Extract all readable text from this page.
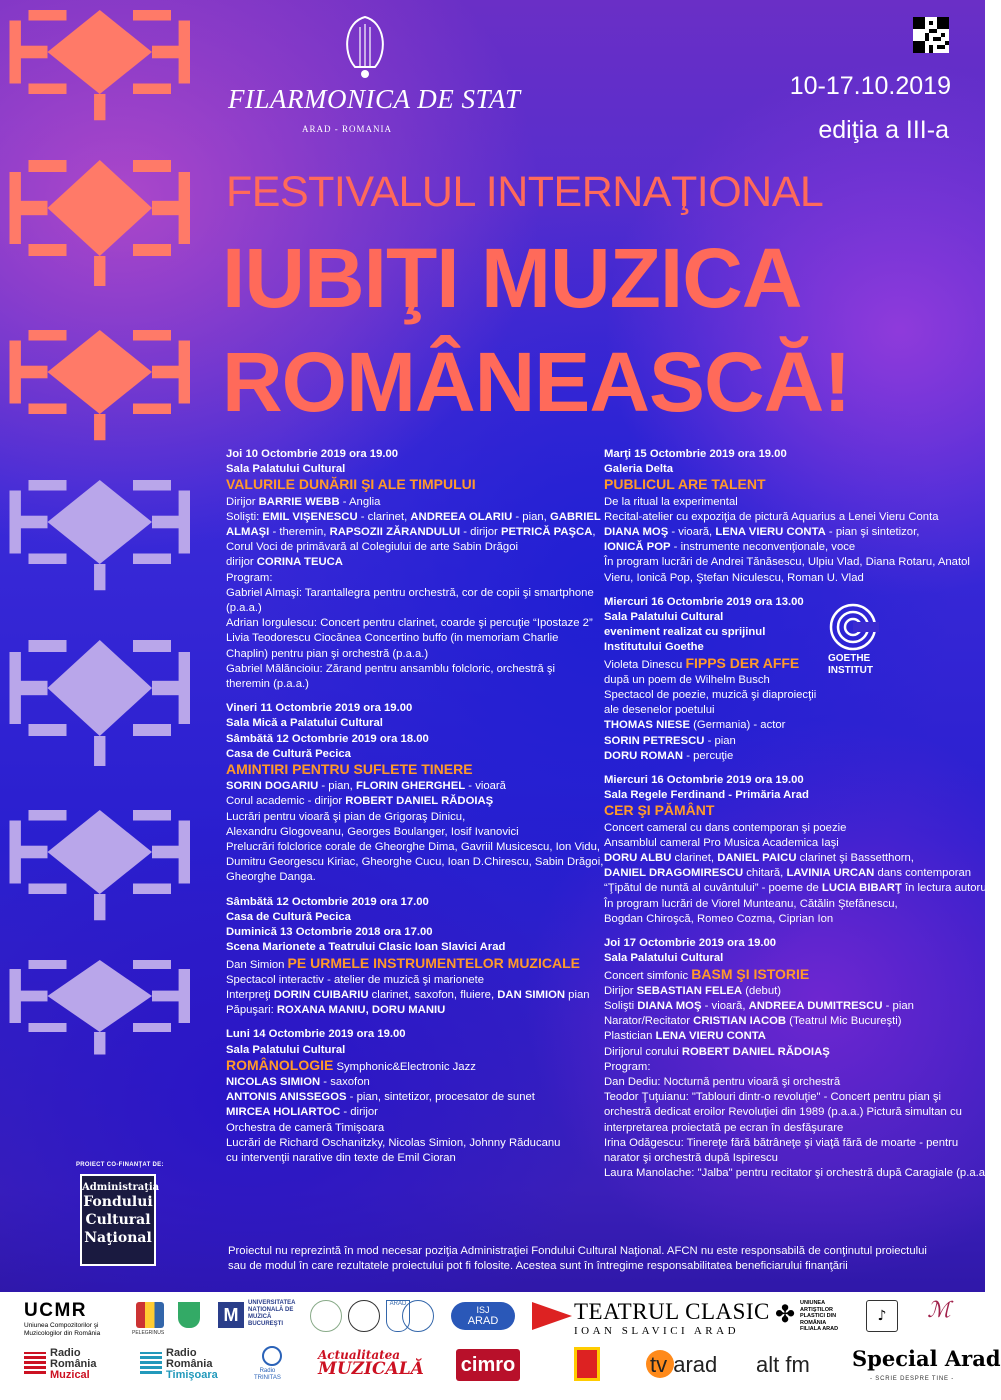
FILARMONICA DE STAT
ARAD - ROMANIA
10-17.10.2019
ediţia a III-a
FESTIVALUL INTERNAŢIONAL
IUBIŢI MUZICA
ROMÂNEASCĂ!
Joi 10 Octombrie 2019 ora 19.00
Sala Palatului Cultural
VALURILE DUNĂRII ŞI ALE TIMPULUI
Dirijor BARRIE WEBB - Anglia
Solişti: EMIL VIŞENESCU - clarinet, ANDREEA OLARIU - pian, GABRIEL
ALMAŞI - theremin, RAPSOZII ZĂRANDULUI - dirijor PETRICĂ PAŞCA,
Corul Voci de primăvară al Colegiului de arte Sabin Drăgoi
dirijor CORINA TEUCA
Program:
Gabriel Almaşi: Tarantallegra pentru orchestră, cor de copii şi smartphone
(p.a.a.)
Adrian Iorgulescu: Concert pentru clarinet, coarde şi percuţie “Ipostaze 2”
Livia Teodorescu Ciocănea Concertino buffo (in memoriam Charlie
Chaplin) pentru pian şi orchestră (p.a.a.)
Gabriel Mălăncioiu: Zărand pentru ansamblu folcloric, orchestră şi
theremin (p.a.a.)
Vineri 11 Octombrie 2019 ora 19.00
Sala Mică a Palatului Cultural
Sâmbătă 12 Octombrie 2019 ora 18.00
Casa de Cultură Pecica
AMINTIRI PENTRU SUFLETE TINERE
SORIN DOGARIU - pian, FLORIN GHERGHEL - vioară
Corul academic - dirijor ROBERT DANIEL RĂDOIAŞ
Lucrări pentru vioară şi pian de Grigoraş Dinicu,
Alexandru Glogoveanu, Georges Boulanger, Iosif Ivanovici
Prelucrări folclorice corale de Gheorghe Dima, Gavriil Musicescu, Ion Vidu,
Dumitru Georgescu Kiriac, Gheorghe Cucu, Ioan D.Chirescu, Sabin Drăgoi,
Gheorghe Danga.
Sâmbătă 12 Octombrie 2019 ora 17.00
Casa de Cultură Pecica
Duminică 13 Octombrie 2018 ora 17.00
Scena Marionete a Teatrului Clasic Ioan Slavici Arad
Dan Simion PE URMELE INSTRUMENTELOR MUZICALE
Spectacol interactiv - atelier de muzică şi marionete
Interpreţi DORIN CUIBARIU clarinet, saxofon, fluiere, DAN SIMION pian
Păpuşari: ROXANA MANIU, DORU MANIU
Luni 14 Octombrie 2019 ora 19.00
Sala Palatului Cultural
ROMÂNOLOGIE Symphonic&Electronic Jazz
NICOLAS SIMION - saxofon
ANTONIS ANISSEGOS - pian, sintetizor, procesator de sunet
MIRCEA HOLIARTOC - dirijor
Orchestra de cameră Timişoara
Lucrări de Richard Oschanitzky, Nicolas Simion, Johnny Răducanu
cu intervenţii narative din texte de Emil Cioran
Marţi 15 Octombrie 2019 ora 19.00
Galeria Delta
PUBLICUL ARE TALENT
De la ritual la experimental
Recital-atelier cu expoziţia de pictură Aquarius a Lenei Vieru Conta
DIANA MOŞ - vioară, LENA VIERU CONTA - pian şi sintetizor,
IONICĂ POP - instrumente neconvenţionale, voce
În program lucrări de Andrei Tănăsescu, Ulpiu Vlad, Diana Rotaru, Anatol
Vieru, Ionică Pop, Ştefan Niculescu, Roman U. Vlad
Miercuri 16 Octombrie 2019 ora 13.00
Sala Palatului Cultural
eveniment realizat cu sprijinul
Institutului Goethe
Violeta Dinescu FIPPS DER AFFE
după un poem de Wilhelm Busch
Spectacol de poezie, muzică şi diaproiecţii
ale desenelor poetului
THOMAS NIESE (Germania) - actor
SORIN PETRESCU - pian
DORU ROMAN - percuţie
Miercuri 16 Octombrie 2019 ora 19.00
Sala Regele Ferdinand - Primăria Arad
CER ŞI PĂMÂNT
Concert cameral cu dans contemporan şi poezie
Ansamblul cameral Pro Musica Academica Iaşi
DORU ALBU clarinet, DANIEL PAICU clarinet şi Bassetthorn,
DANIEL DRAGOMIRESCU chitară, LAVINIA URCAN dans contemporan
“Ţipătul de nuntă al cuvântului” - poeme de LUCIA BIBARŢ în lectura autorului.
În program lucrări de Viorel Munteanu, Cătălin Ştefănescu,
Bogdan Chiroşcă, Romeo Cozma, Ciprian Ion
Joi 17 Octombrie 2019 ora 19.00
Sala Palatului Cultural
Concert simfonic BASM ŞI ISTORIE
Dirijor SEBASTIAN FELEA (debut)
Solişti DIANA MOŞ - vioară, ANDREEA DUMITRESCU - pian
Narator/Recitator CRISTIAN IACOB (Teatrul Mic Bucureşti)
Plastician LENA VIERU CONTA
Dirijorul corului ROBERT DANIEL RĂDOIAŞ
Program:
Dan Dediu: Nocturnă pentru vioară şi orchestră
Teodor Ţuţuianu: "Tablouri dintr-o revoluţie" - Concert pentru pian şi
orchestră dedicat eroilor Revoluţiei din 1989 (p.a.a.) Pictură simultan cu
interpretarea proiectată pe ecran în desfăşurare
Irina Odăgescu: Tinereţe fără bătrâneţe şi viaţă fără de moarte - pentru
narator şi orchestră după Ispirescu
Laura Manolache: "Jalba" pentru recitator şi orchestră după Caragiale (p.a.a.)
GOETHE
INSTITUT
PROIECT CO-FINANŢAT DE:
Administraţia
Fondului
Cultural
Naţional
Proiectul nu reprezintă în mod necesar poziţia Administraţiei Fondului Cultural Naţional. AFCN nu este responsabilă de conţinutul proiectului
sau de modul în care rezultatele proiectului pot fi folosite. Acestea sunt în întregime responsabilitatea beneficiarului finanţării
UCMR
Uniunea Compozitorilor şi
Muzicologilor din România	PELEGRINUS
M
UNIVERSITATEA
NAŢIONALĂ DE
MUZICĂ
BUCUREŞTI
ARAD
ISJ
ARAD	TEATRUL CLASIC
IOAN SLAVICI ARAD
✤ UNIUNEA
ARTIŞTILOR
PLASTICI DIN
ROMÂNIA
FILIALA ARAD
♪	ℳ
Radio
România
Muzical
Radio
România
Timişoara	Radio
TRINITAS
Actualitatea
MUZICALĂ cimro	tv arad alt fm Special Arad
- SCRIE DESPRE TINE -
